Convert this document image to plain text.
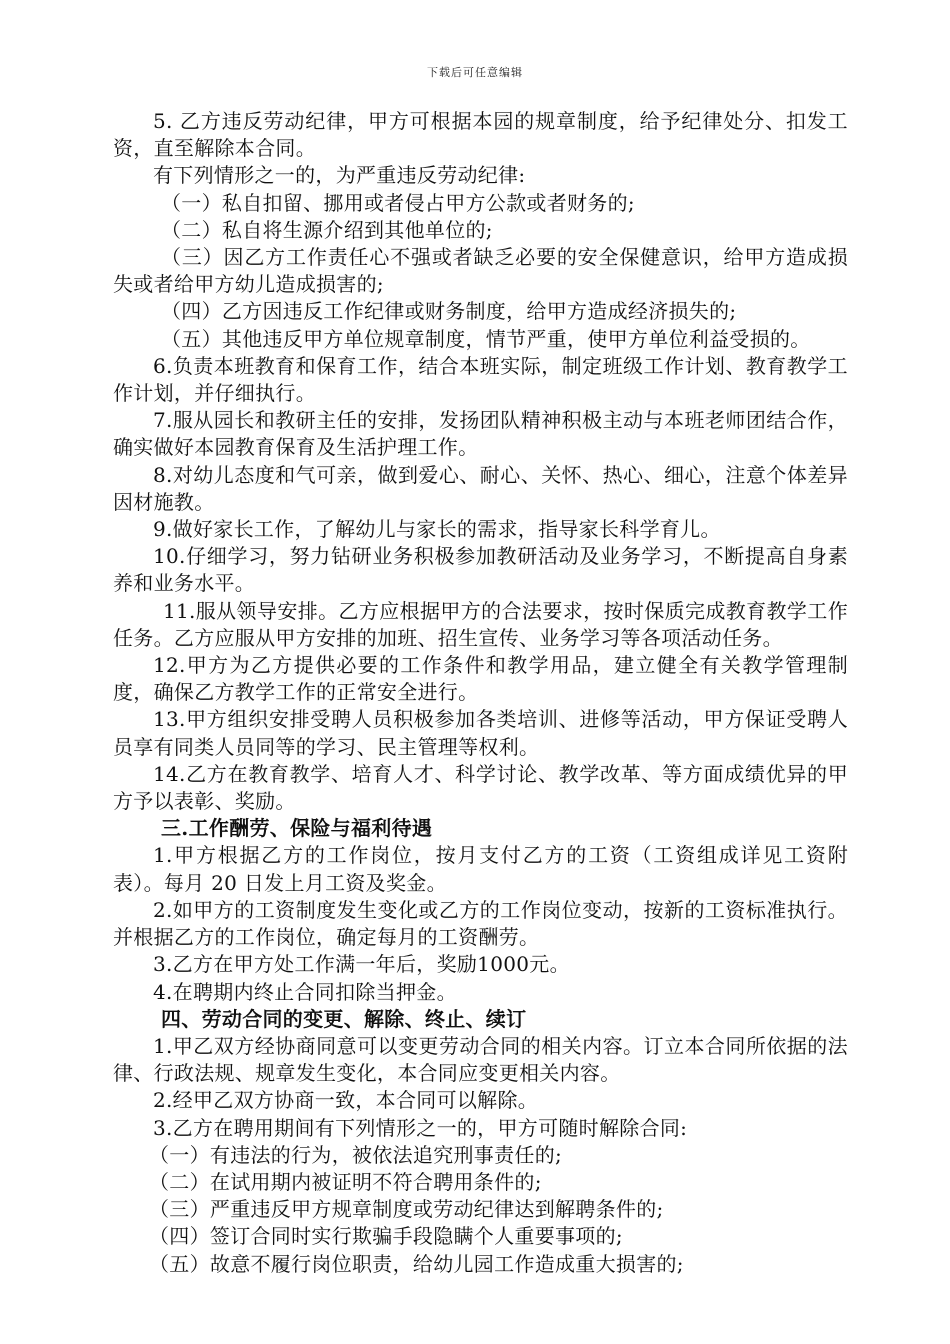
下载后可任意编辑

5. 乙方违反劳动纪律，甲方可根据本园的规章制度，给予纪律处分、扣发工资，直至解除本合同。

有下列情形之一的，为严重违反劳动纪律:

（一）私自扣留、挪用或者侵占甲方公款或者财务的;

（二）私自将生源介绍到其他单位的;

（三）因乙方工作责任心不强或者缺乏必要的安全保健意识，给甲方造成损失或者给甲方幼儿造成损害的;

（四）乙方因违反工作纪律或财务制度，给甲方造成经济损失的;

（五）其他违反甲方单位规章制度，情节严重，使甲方单位利益受损的。

6.负责本班教育和保育工作，结合本班实际，制定班级工作计划、教育教学工作计划，并仔细执行。

7.服从园长和教研主任的安排，发扬团队精神积极主动与本班老师团结合作，确实做好本园教育保育及生活护理工作。

8.对幼儿态度和气可亲，做到爱心、耐心、关怀、热心、细心，注意个体差异因材施教。

9.做好家长工作，了解幼儿与家长的需求，指导家长科学育儿。

10.仔细学习，努力钻研业务积极参加教研活动及业务学习，不断提高自身素养和业务水平。

11.服从领导安排。乙方应根据甲方的合法要求，按时保质完成教育教学工作任务。乙方应服从甲方安排的加班、招生宣传、业务学习等各项活动任务。

12.甲方为乙方提供必要的工作条件和教学用品，建立健全有关教学管理制度，确保乙方教学工作的正常安全进行。

13.甲方组织安排受聘人员积极参加各类培训、进修等活动，甲方保证受聘人员享有同类人员同等的学习、民主管理等权利。

14.乙方在教育教学、培育人才、科学讨论、教学改革、等方面成绩优异的甲方予以表彰、奖励。

三.工作酬劳、保险与福利待遇

1.甲方根据乙方的工作岗位，按月支付乙方的工资（工资组成详见工资附表）。每月 20 日发上月工资及奖金。

2.如甲方的工资制度发生变化或乙方的工作岗位变动，按新的工资标准执行。并根据乙方的工作岗位，确定每月的工资酬劳。

3.乙方在甲方处工作满一年后，奖励1000元。

4.在聘期内终止合同扣除当押金。

四、劳动合同的变更、解除、终止、续订

1.甲乙双方经协商同意可以变更劳动合同的相关内容。订立本合同所依据的法律、行政法规、规章发生变化，本合同应变更相关内容。

2.经甲乙双方协商一致，本合同可以解除。

3.乙方在聘用期间有下列情形之一的，甲方可随时解除合同:

（一）有违法的行为，被依法追究刑事责任的;

（二）在试用期内被证明不符合聘用条件的;

（三）严重违反甲方规章制度或劳动纪律达到解聘条件的;

（四）签订合同时实行欺骗手段隐瞒个人重要事项的;

（五）故意不履行岗位职责，给幼儿园工作造成重大损害的;
